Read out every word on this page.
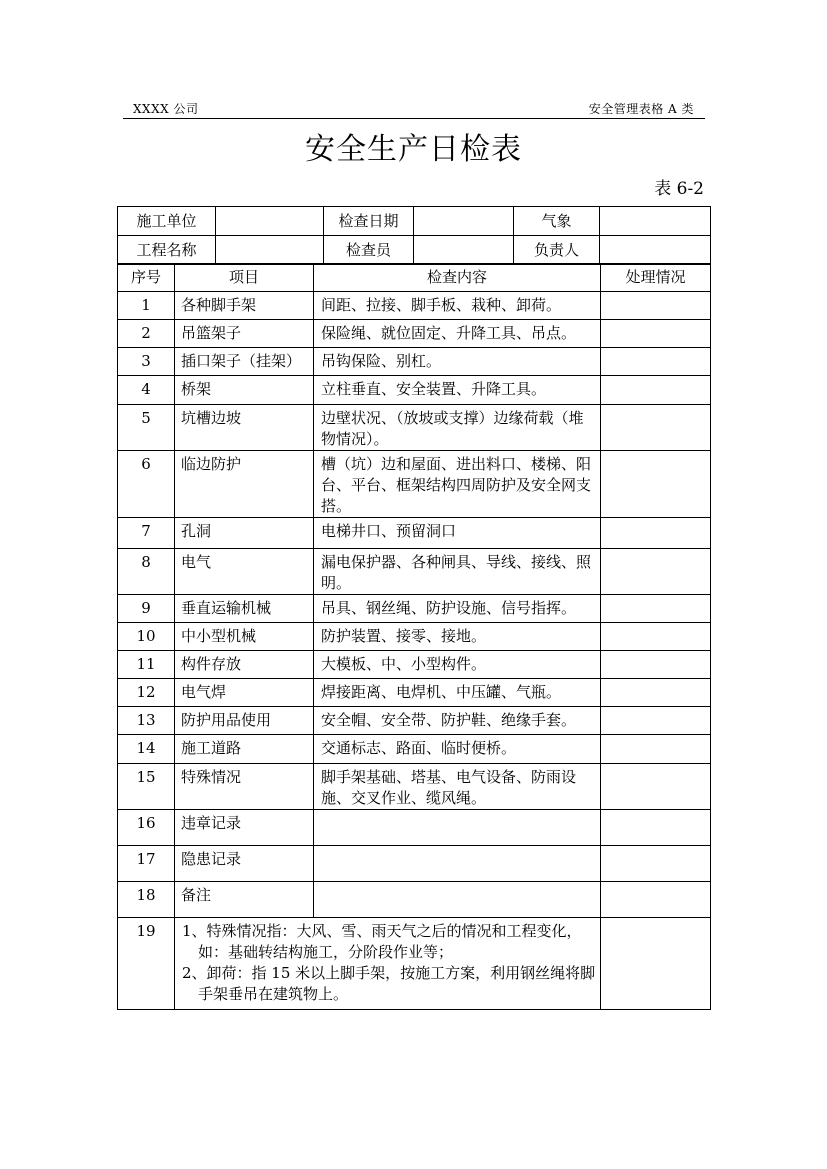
XXXX 公司	安全管理表格 A 类
安全生产日检表
表 6-2
施工单位		检查日期		气象	
工程名称		检查员		负责人	
序号	项目	检查内容	处理情况
1	各种脚手架	间距、拉接、脚手板、栽种、卸荷。	
2	吊篮架子	保险绳、就位固定、升降工具、吊点。	
3	插口架子（挂架）	吊钩保险、别杠。	
4	桥架	立柱垂直、安全装置、升降工具。	
5	坑槽边坡	边壁状况、（放坡或支撑）边缘荷载（堆物情况）。	
6	临边防护	槽（坑）边和屋面、进出料口、楼梯、阳台、平台、框架结构四周防护及安全网支搭。	
7	孔洞	电梯井口、预留洞口	
8	电气	漏电保护器、各种闸具、导线、接线、照明。	
9	垂直运输机械	吊具、钢丝绳、防护设施、信号指挥。	
10	中小型机械	防护装置、接零、接地。	
11	构件存放	大模板、中、小型构件。	
12	电气焊	焊接距离、电焊机、中压罐、气瓶。	
13	防护用品使用	安全帽、安全带、防护鞋、绝缘手套。	
14	施工道路	交通标志、路面、临时便桥。	
15	特殊情况	脚手架基础、塔基、电气设备、防雨设施、交叉作业、缆风绳。	
16	违章记录		
17	隐患记录		
18	备注		
19	1、特殊情况指：大风、雪、雨天气之后的情况和工程变化，如：基础转结构施工，分阶段作业等；
2、卸荷：指 15 米以上脚手架，按施工方案，利用钢丝绳将脚手架垂吊在建筑物上。		
